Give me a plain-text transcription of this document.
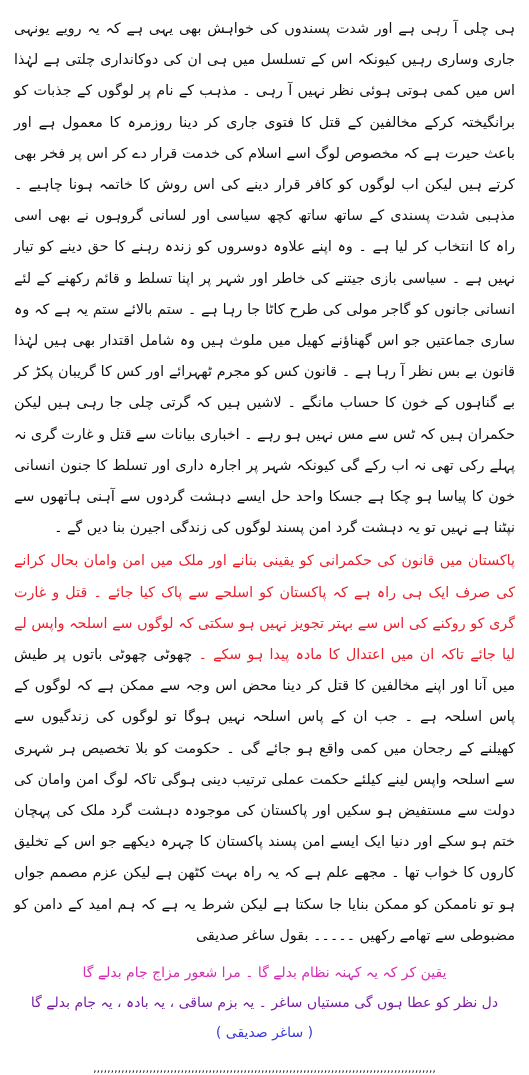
ہی چلی آ رہی ہے اور شدت پسندوں کی خواہش بھی یہی ہے کہ یہ رویے یونہی جاری وساری رہیں کیونکہ اس کے تسلسل میں ہی ان کی دوکانداری چلتی ہے لہٰذا اس میں کمی ہوتی ہوئی نظر نہیں آ رہی ۔ مذہب کے نام پر لوگوں کے جذبات کو برانگیختہ کرکے مخالفین کے قتل کا فتوی جاری کر دینا روزمرہ کا معمول ہے اور باعث حیرت ہے کہ مخصوص لوگ اسے اسلام کی خدمت قرار دے کر اس پر فخر بھی کرتے ہیں لیکن اب لوگوں کو کافر قرار دینے کی اس روش کا خاتمہ ہونا چاہیے ۔ مذہبی شدت پسندی کے ساتھ ساتھ کچھ سیاسی اور لسانی گروہوں نے بھی اسی راہ کا انتخاب کر لیا ہے ۔ وہ اپنے علاوہ دوسروں کو زندہ رہنے کا حق دینے کو تیار نہیں ہے ۔ سیاسی بازی جیتنے کی خاطر اور شہر پر اپنا تسلط و قائم رکھنے کے لئے انسانی جانوں کو گاجر مولی کی طرح کاٹا جا رہا ہے ۔ ستم بالائے ستم یہ ہے کہ وہ ساری جماعتیں جو اس گھناؤنے کھیل میں ملوث ہیں وہ شامل اقتدار بھی ہیں لہٰذا قانون بے بس نظر آ رہا ہے ۔ قانون کس کو مجرم ٹھہرائے اور کس کا گریبان پکڑ کر بے گناہوں کے خون کا حساب مانگے ۔ لاشیں ہیں کہ گرتی چلی جا رہی ہیں لیکن حکمران ہیں کہ ٹس سے مس نہیں ہو رہے ۔ اخباری بیانات سے قتل و غارت گری نہ پہلے رکی تھی نہ اب رکے گی کیونکہ شہر پر اجارہ داری اور تسلط کا جنون انسانی خون کا پیاسا ہو چکا ہے جسکا واحد حل ایسے دہشت گردوں سے آہنی ہاتھوں سے نپٹنا ہے نہیں تو یہ دہشت گرد امن پسند لوگوں کی زندگی اجیرن بنا دیں گے ۔

پاکستان میں قانون کی حکمرانی کو یقینی بنانے اور ملک میں امن وامان بحال کرانے کی صرف ایک ہی راہ ہے کہ پاکستان کو اسلحے سے پاک کیا جائے ۔ قتل و غارت گری کو روکنے کی اس سے بہتر تجویز نہیں ہو سکتی کہ لوگوں سے اسلحہ واپس لے لیا جائے تاکہ ان میں اعتدال کا مادہ پیدا ہو سکے ۔ چھوٹی چھوٹی باتوں پر طیش میں آنا اور اپنے مخالفین کا قتل کر دینا محض اس وجہ سے ممکن ہے کہ لوگوں کے پاس اسلحہ ہے ۔ جب ان کے پاس اسلحہ نہیں ہوگا تو لوگوں کی زندگیوں سے کھیلنے کے رجحان میں کمی واقع ہو جائے گی ۔ حکومت کو بلا تخصیص ہر شہری سے اسلحہ واپس لینے کیلئے حکمت عملی ترتیب دینی ہوگی تاکہ لوگ امن وامان کی دولت سے مستفیض ہو سکیں اور پاکستان کی موجودہ دہشت گرد ملک کی پہچان ختم ہو سکے اور دنیا ایک ایسے امن پسند پاکستان کا چہرہ دیکھے جو اس کے تخلیق کاروں کا خواب تھا ۔ مجھے علم ہے کہ یہ راہ بہت کٹھن ہے لیکن عزم مصمم جواں ہو تو ناممکن کو ممکن بنایا جا سکتا ہے لیکن شرط یہ ہے کہ ہم امید کے دامن کو مضبوطی سے تھامے رکھیں ۔۔۔۔۔ بقول ساغر صدیقی

یقین کر کہ یہ کہنہ نظام بدلے گا ۔ مرا شعور مزاج جام بدلے گا
دل نظر کو عطا ہوں گی مستیاں ساغر ۔ یہ بزم ساقی ، یہ بادہ ، یہ جام بدلے گا
( ساغر صدیقی )
,,,,,,,,,,,,,,,,,,,,,,,,,,,,,,,,,,,,,,,,,,,,,,,,,,,,,,,,,,,,,,,,,,,,,,,,,,,,,,,,,,,,,,,,,,,,,,,,,,
